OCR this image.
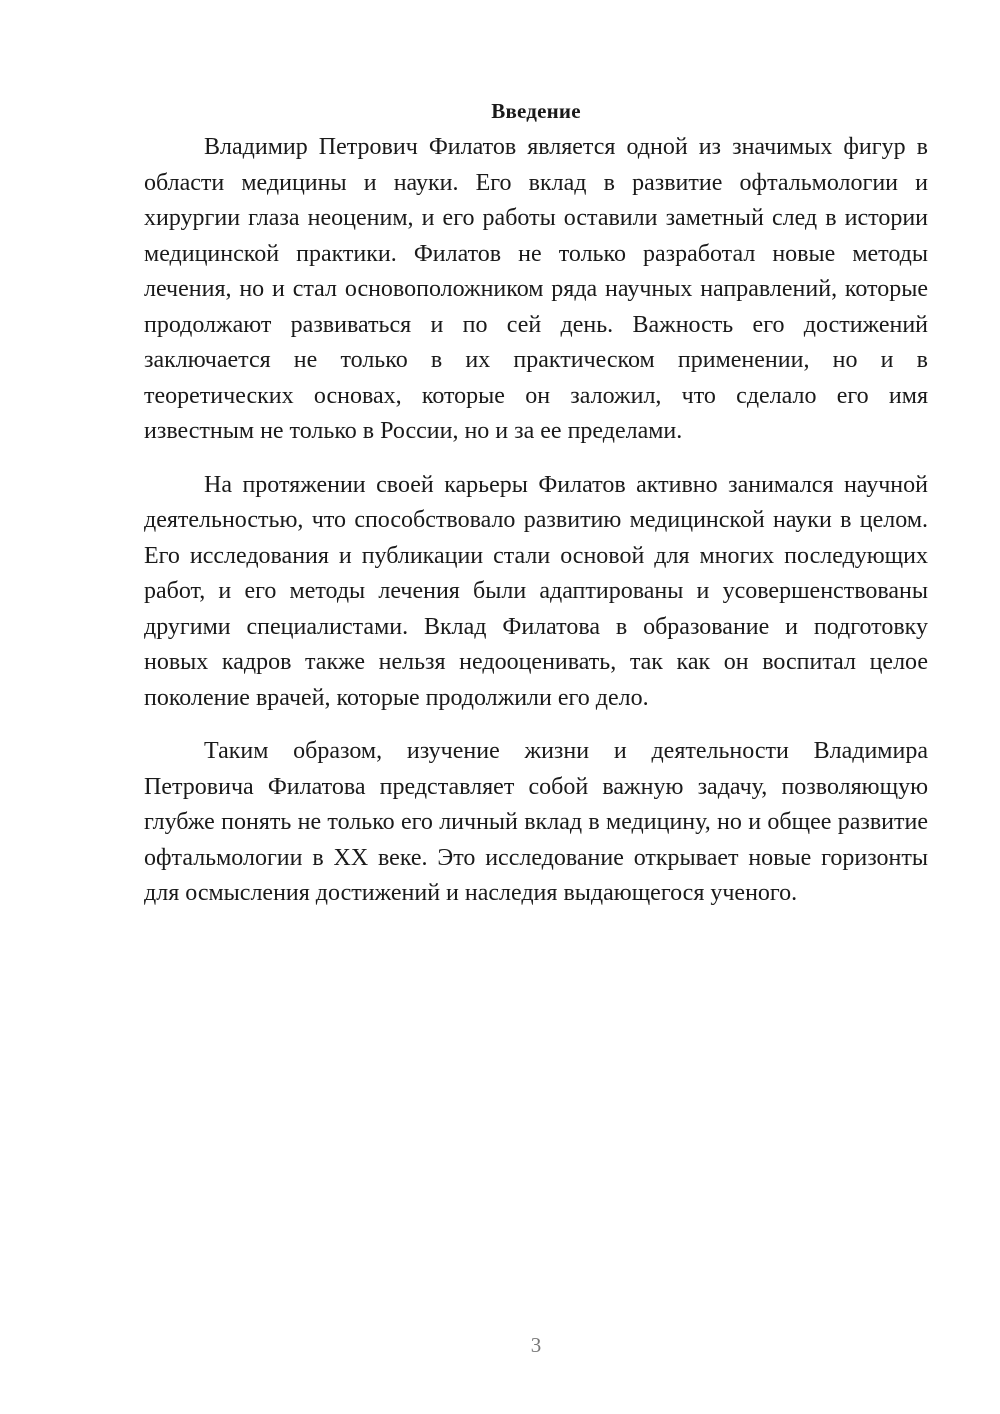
Введение

Владимир Петрович Филатов является одной из значимых фигур в области медицины и науки. Его вклад в развитие офтальмологии и хирургии глаза неоценим, и его работы оставили заметный след в истории медицинской практики. Филатов не только разработал новые методы лечения, но и стал основоположником ряда научных направлений, которые продолжают развиваться и по сей день. Важность его достижений заключается не только в их практическом применении, но и в теоретических основах, которые он заложил, что сделало его имя известным не только в России, но и за ее пределами.

На протяжении своей карьеры Филатов активно занимался научной деятельностью, что способствовало развитию медицинской науки в целом. Его исследования и публикации стали основой для многих последующих работ, и его методы лечения были адаптированы и усовершенствованы другими специалистами. Вклад Филатова в образование и подготовку новых кадров также нельзя недооценивать, так как он воспитал целое поколение врачей, которые продолжили его дело.

Таким образом, изучение жизни и деятельности Владимира Петровича Филатова представляет собой важную задачу, позволяющую глубже понять не только его личный вклад в медицину, но и общее развитие офтальмологии в XX веке. Это исследование открывает новые горизонты для осмысления достижений и наследия выдающегося ученого.

3
